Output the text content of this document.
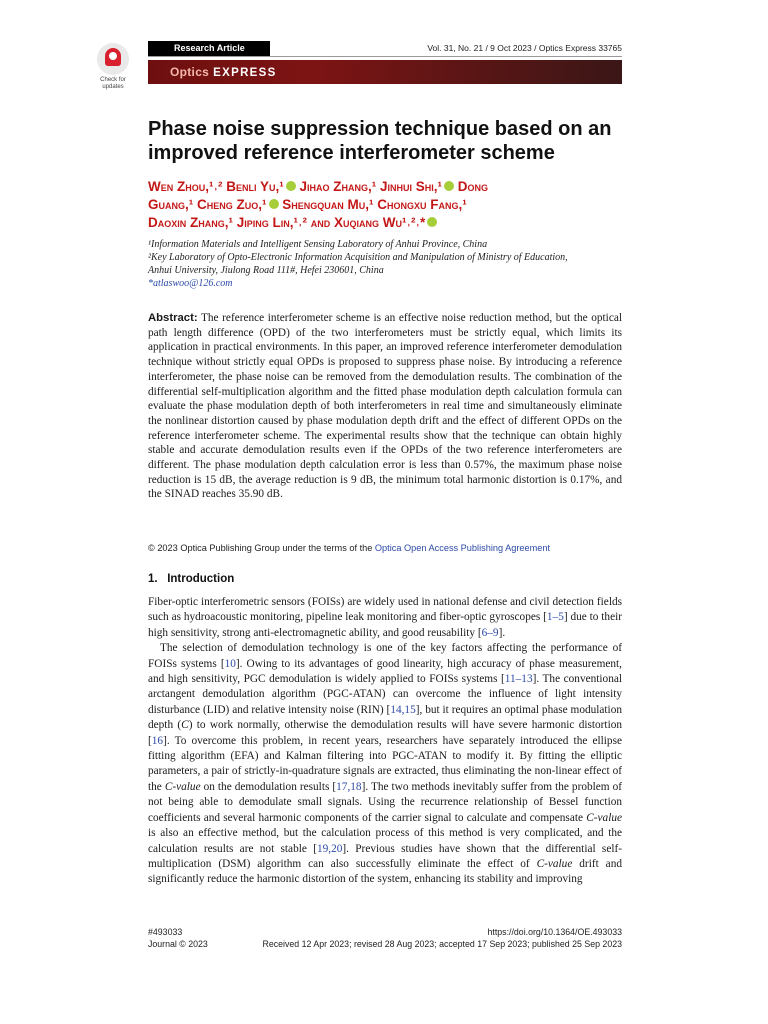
Check for updates
Research Article	Vol. 31, No. 21 / 9 Oct 2023 / Optics Express 33765
Optics EXPRESS
Phase noise suppression technique based on an improved reference interferometer scheme
Wen Zhou,¹˒² Benli Yu,¹ Jihao Zhang,¹ Jinhui Shi,¹ Dong
Guang,¹ Cheng Zuo,¹ Shengquan Mu,¹ Chongxu Fang,¹
Daoxin Zhang,¹ Jiping Lin,¹˒² and Xuqiang Wu¹˒²˒*
¹Information Materials and Intelligent Sensing Laboratory of Anhui Province, China
²Key Laboratory of Opto-Electronic Information Acquisition and Manipulation of Ministry of Education,
Anhui University, Jiulong Road 111#, Hefei 230601, China
*atlaswoo@126.com
Abstract: The reference interferometer scheme is an effective noise reduction method, but the optical path length difference (OPD) of the two interferometers must be strictly equal, which limits its application in practical environments. In this paper, an improved reference interferometer demodulation technique without strictly equal OPDs is proposed to suppress phase noise. By introducing a reference interferometer, the phase noise can be removed from the demodulation results. The combination of the differential self-multiplication algorithm and the fitted phase modulation depth calculation formula can evaluate the phase modulation depth of both interferometers in real time and simultaneously eliminate the nonlinear distortion caused by phase modulation depth drift and the effect of different OPDs on the reference interferometer scheme. The experimental results show that the technique can obtain highly stable and accurate demodulation results even if the OPDs of the two reference interferometers are different. The phase modulation depth calculation error is less than 0.57%, the maximum phase noise reduction is 15 dB, the average reduction is 9 dB, the minimum total harmonic distortion is 0.17%, and the SINAD reaches 35.90 dB.
© 2023 Optica Publishing Group under the terms of the Optica Open Access Publishing Agreement
1. Introduction

Fiber-optic interferometric sensors (FOISs) are widely used in national defense and civil detection fields such as hydroacoustic monitoring, pipeline leak monitoring and fiber-optic gyroscopes [1–5] due to their high sensitivity, strong anti-electromagnetic ability, and good reusability [6–9].

The selection of demodulation technology is one of the key factors affecting the performance of FOISs systems [10]. Owing to its advantages of good linearity, high accuracy of phase measurement, and high sensitivity, PGC demodulation is widely applied to FOISs systems [11–13]. The conventional arctangent demodulation algorithm (PGC-ATAN) can overcome the influence of light intensity disturbance (LID) and relative intensity noise (RIN) [14,15], but it requires an optimal phase modulation depth (C) to work normally, otherwise the demodulation results will have severe harmonic distortion [16]. To overcome this problem, in recent years, researchers have separately introduced the ellipse fitting algorithm (EFA) and Kalman filtering into PGC-ATAN to modify it. By fitting the elliptic parameters, a pair of strictly-in-quadrature signals are extracted, thus eliminating the non-linear effect of the C-value on the demodulation results [17,18]. The two methods inevitably suffer from the problem of not being able to demodulate small signals. Using the recurrence relationship of Bessel function coefficients and several harmonic components of the carrier signal to calculate and compensate C-value is also an effective method, but the calculation process of this method is very complicated, and the calculation results are not stable [19,20]. Previous studies have shown that the differential self-multiplication (DSM) algorithm can also successfully eliminate the effect of C-value drift and significantly reduce the harmonic distortion of the system, enhancing its stability and improving

#493033	https://doi.org/10.1364/OE.493033
Journal © 2023	Received 12 Apr 2023; revised 28 Aug 2023; accepted 17 Sep 2023; published 25 Sep 2023
